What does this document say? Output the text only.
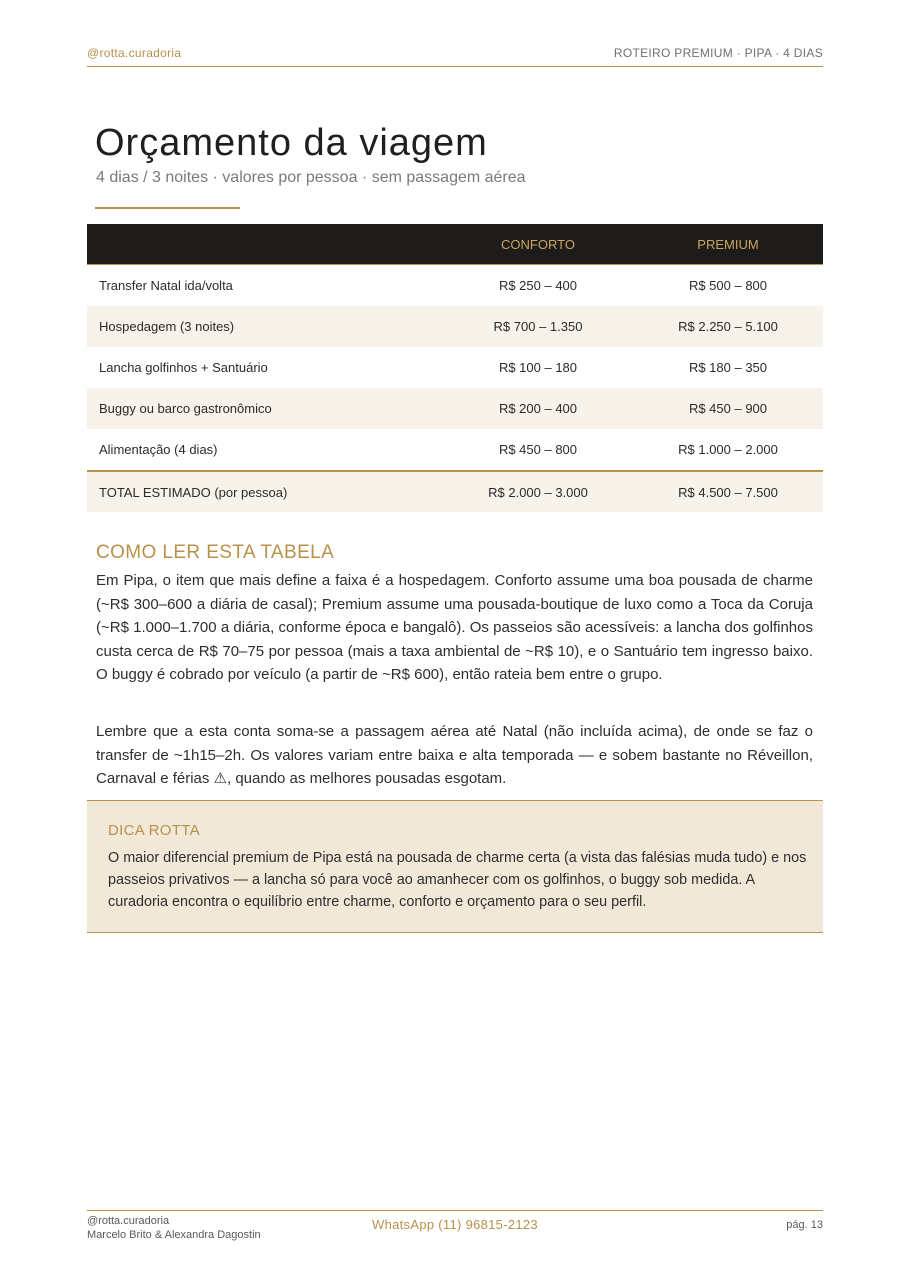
@rotta.curadoria	ROTEIRO PREMIUM · PIPA · 4 DIAS
Orçamento da viagem
4 dias / 3 noites · valores por pessoa · sem passagem aérea
	CONFORTO	PREMIUM
Transfer Natal ida/volta	R$ 250 – 400	R$ 500 – 800
Hospedagem (3 noites)	R$ 700 – 1.350	R$ 2.250 – 5.100
Lancha golfinhos + Santuário	R$ 100 – 180	R$ 180 – 350
Buggy ou barco gastronômico	R$ 200 – 400	R$ 450 – 900
Alimentação (4 dias)	R$ 450 – 800	R$ 1.000 – 2.000
TOTAL ESTIMADO (por pessoa)	R$ 2.000 – 3.000	R$ 4.500 – 7.500
COMO LER ESTA TABELA
Em Pipa, o item que mais define a faixa é a hospedagem. Conforto assume uma boa pousada de charme (~R$ 300–600 a diária de casal); Premium assume uma pousada-boutique de luxo como a Toca da Coruja (~R$ 1.000–1.700 a diária, conforme época e bangalô). Os passeios são acessíveis: a lancha dos golfinhos custa cerca de R$ 70–75 por pessoa (mais a taxa ambiental de ~R$ 10), e o Santuário tem ingresso baixo. O buggy é cobrado por veículo (a partir de ~R$ 600), então rateia bem entre o grupo.
Lembre que a esta conta soma-se a passagem aérea até Natal (não incluída acima), de onde se faz o transfer de ~1h15–2h. Os valores variam entre baixa e alta temporada — e sobem bastante no Réveillon, Carnaval e férias ⚠, quando as melhores pousadas esgotam.
DICA ROTTA
O maior diferencial premium de Pipa está na pousada de charme certa (a vista das falésias muda tudo) e nos passeios privativos — a lancha só para você ao amanhecer com os golfinhos, o buggy sob medida. A curadoria encontra o equilíbrio entre charme, conforto e orçamento para o seu perfil.
@rotta.curadoria
Marcelo Brito & Alexandra Dagostin
WhatsApp (11) 96815-2123	pág. 13
